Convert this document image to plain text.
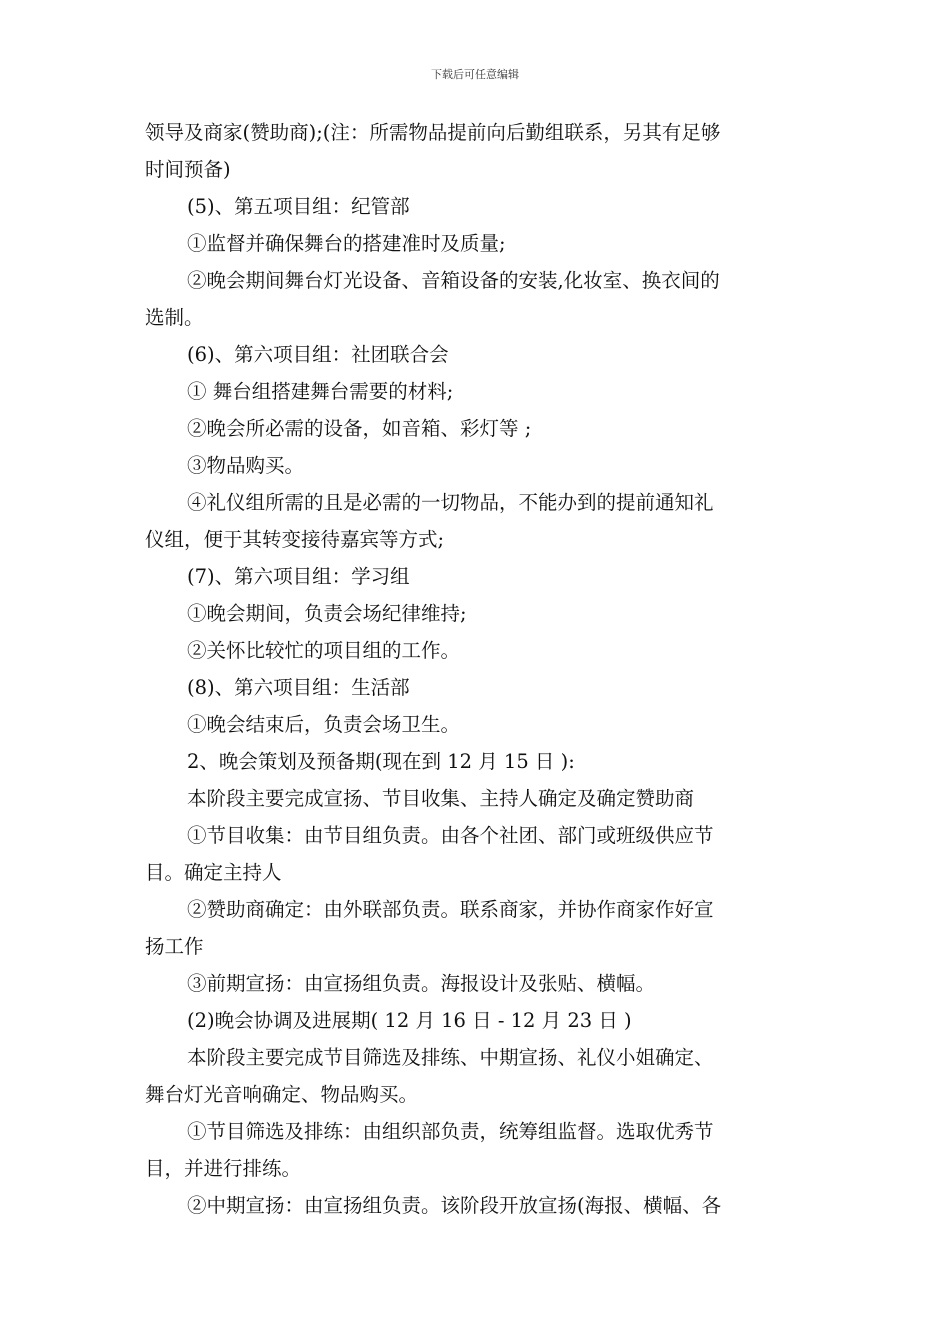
下载后可任意编辑
领导及商家(赞助商);(注：所需物品提前向后勤组联系，另其有足够
时间预备)
(5)、第五项目组：纪管部
①监督并确保舞台的搭建准时及质量;
②晚会期间舞台灯光设备、音箱设备的安装,化妆室、换衣间的
选制。
(6)、第六项目组：社团联合会
① 舞台组搭建舞台需要的材料;
②晚会所必需的设备，如音箱、彩灯等 ;
③物品购买。
④礼仪组所需的且是必需的一切物品，不能办到的提前通知礼
仪组，便于其转变接待嘉宾等方式;
(7)、第六项目组：学习组
①晚会期间，负责会场纪律维持;
②关怀比较忙的项目组的工作。
(8)、第六项目组：生活部
①晚会结束后，负责会场卫生。
2、晚会策划及预备期(现在到 12 月 15 日 ):
本阶段主要完成宣扬、节目收集、主持人确定及确定赞助商
①节目收集：由节目组负责。由各个社团、部门或班级供应节
目。确定主持人
②赞助商确定：由外联部负责。联系商家，并协作商家作好宣
扬工作
③前期宣扬：由宣扬组负责。海报设计及张贴、横幅。
(2)晚会协调及进展期( 12 月 16 日 - 12 月 23 日 )
本阶段主要完成节目筛选及排练、中期宣扬、礼仪小姐确定、
舞台灯光音响确定、物品购买。
①节目筛选及排练：由组织部负责，统筹组监督。选取优秀节
目，并进行排练。
②中期宣扬：由宣扬组负责。该阶段开放宣扬(海报、横幅、各
